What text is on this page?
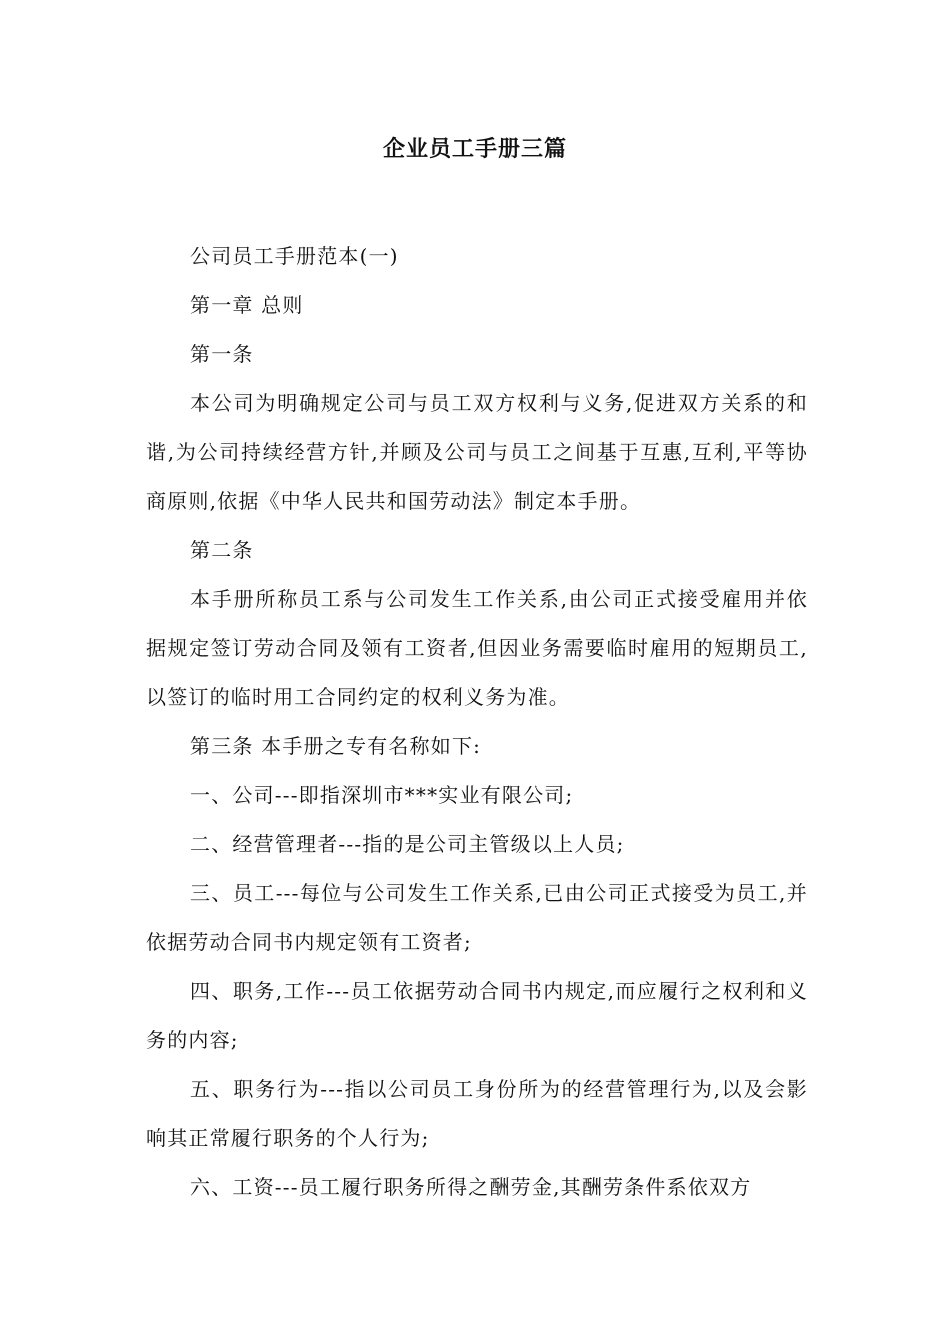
企业员工手册三篇

公司员工手册范本(一)

第一章 总则

第一条

本公司为明确规定公司与员工双方权利与义务,促进双方关系的和谐,为公司持续经营方针,并顾及公司与员工之间基于互惠,互利,平等协商原则,依据《中华人民共和国劳动法》制定本手册。

第二条

本手册所称员工系与公司发生工作关系,由公司正式接受雇用并依据规定签订劳动合同及领有工资者,但因业务需要临时雇用的短期员工,以签订的临时用工合同约定的权利义务为准。

第三条 本手册之专有名称如下:

一、公司---即指深圳市***实业有限公司;

二、经营管理者---指的是公司主管级以上人员;

三、员工---每位与公司发生工作关系,已由公司正式接受为员工,并依据劳动合同书内规定领有工资者;

四、职务,工作---员工依据劳动合同书内规定,而应履行之权利和义务的内容;

五、职务行为---指以公司员工身份所为的经营管理行为,以及会影响其正常履行职务的个人行为;

六、工资---员工履行职务所得之酬劳金,其酬劳条件系依双方
